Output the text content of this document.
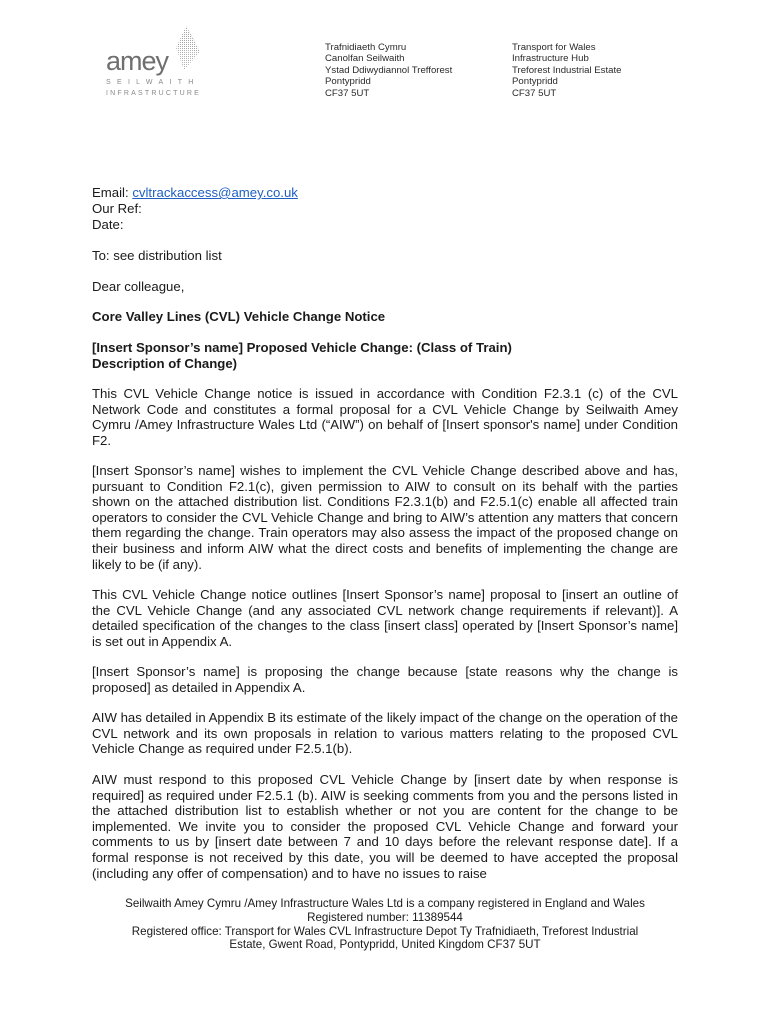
amey
SEILWAITH
INFRASTRUCTURE
Trafnidiaeth Cymru
Canolfan Seilwaith
Ystad Ddiwydiannol Trefforest
Pontypridd
CF37 5UT
Transport for Wales
Infrastructure Hub
Treforest Industrial Estate
Pontypridd
CF37 5UT
Email: cvltrackaccess@amey.co.uk
Our Ref:
Date:
To: see distribution list
Dear colleague,
Core Valley Lines (CVL) Vehicle Change Notice
[Insert Sponsor’s name] Proposed Vehicle Change: (Class of Train)
Description of Change)

This CVL Vehicle Change notice is issued in accordance with Condition F2.3.1 (c) of the CVL Network Code and constitutes a formal proposal for a CVL Vehicle Change by Seilwaith Amey Cymru /Amey Infrastructure Wales Ltd (“AIW”) on behalf of [Insert sponsor's name] under Condition F2.

[Insert Sponsor’s name] wishes to implement the CVL Vehicle Change described above and has, pursuant to Condition F2.1(c), given permission to AIW to consult on its behalf with the parties shown on the attached distribution list. Conditions F2.3.1(b) and F2.5.1(c) enable all affected train operators to consider the CVL Vehicle Change and bring to AIW’s attention any matters that concern them regarding the change. Train operators may also assess the impact of the proposed change on their business and inform AIW what the direct costs and benefits of implementing the change are likely to be (if any).

This CVL Vehicle Change notice outlines [Insert Sponsor’s name] proposal to [insert an outline of the CVL Vehicle Change (and any associated CVL network change requirements if relevant)]. A detailed specification of the changes to the class [insert class] operated by [Insert Sponsor’s name] is set out in Appendix A.

[Insert Sponsor’s name] is proposing the change because [state reasons why the change is proposed] as detailed in Appendix A.

AIW has detailed in Appendix B its estimate of the likely impact of the change on the operation of the CVL network and its own proposals in relation to various matters relating to the proposed CVL Vehicle Change as required under F2.5.1(b).

AIW must respond to this proposed CVL Vehicle Change by [insert date by when response is required] as required under F2.5.1 (b). AIW is seeking comments from you and the persons listed in the attached distribution list to establish whether or not you are content for the change to be implemented. We invite you to consider the proposed CVL Vehicle Change and forward your comments to us by [insert date between 7 and 10 days before the relevant response date]. If a formal response is not received by this date, you will be deemed to have accepted the proposal (including any offer of compensation) and to have no issues to raise

Seilwaith Amey Cymru /Amey Infrastructure Wales Ltd is a company registered in England and Wales
Registered number: 11389544
Registered office: Transport for Wales CVL Infrastructure Depot Ty Trafnidiaeth, Treforest Industrial
Estate, Gwent Road, Pontypridd, United Kingdom CF37 5UT
